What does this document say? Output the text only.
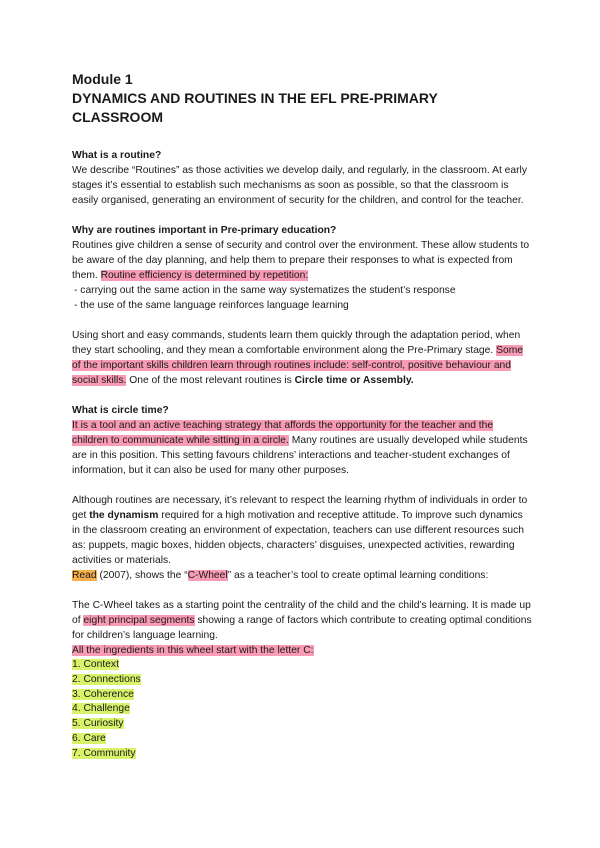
Module 1

DYNAMICS AND ROUTINES IN THE EFL PRE-PRIMARY CLASSROOM

What is a routine?

We describe “Routines” as those activities we develop daily, and regularly, in the classroom. At early stages it’s essential to establish such mechanisms as soon as possible, so that the classroom is easily organised, generating an environment of security for the children, and control for the teacher.

Why are routines important in Pre-primary education?

Routines give children a sense of security and control over the environment. These allow students to be aware of the day planning, and help them to prepare their responses to what is expected from them. Routine efficiency is determined by repetition:

- carrying out the same action in the same way systematizes the student’s response
- the use of the same language reinforces language learning

Using short and easy commands, students learn them quickly through the adaptation period, when they start schooling, and they mean a comfortable environment along the Pre-Primary stage. Some of the important skills children learn through routines include: self-control, positive behaviour and social skills. One of the most relevant routines is Circle time or Assembly.

What is circle time?

It is a tool and an active teaching strategy that affords the opportunity for the teacher and the children to communicate while sitting in a circle. Many routines are usually developed while students are in this position. This setting favours childrens’ interactions and teacher-student exchanges of information, but it can also be used for many other purposes.

Although routines are necessary, it’s relevant to respect the learning rhythm of individuals in order to get the dynamism required for a high motivation and receptive attitude. To improve such dynamics in the classroom creating an environment of expectation, teachers can use different resources such as: puppets, magic boxes, hidden objects, characters’ disguises, unexpected activities, rewarding activities or materials.

Read (2007), shows the “C-Wheel” as a teacher’s tool to create optimal learning conditions:

The C-Wheel takes as a starting point the centrality of the child and the child’s learning. It is made up of eight principal segments showing a range of factors which contribute to creating optimal conditions for children’s language learning.

All the ingredients in this wheel start with the letter C:

1. Context
2. Connections
3. Coherence
4. Challenge
5. Curiosity
6. Care
7. Community
